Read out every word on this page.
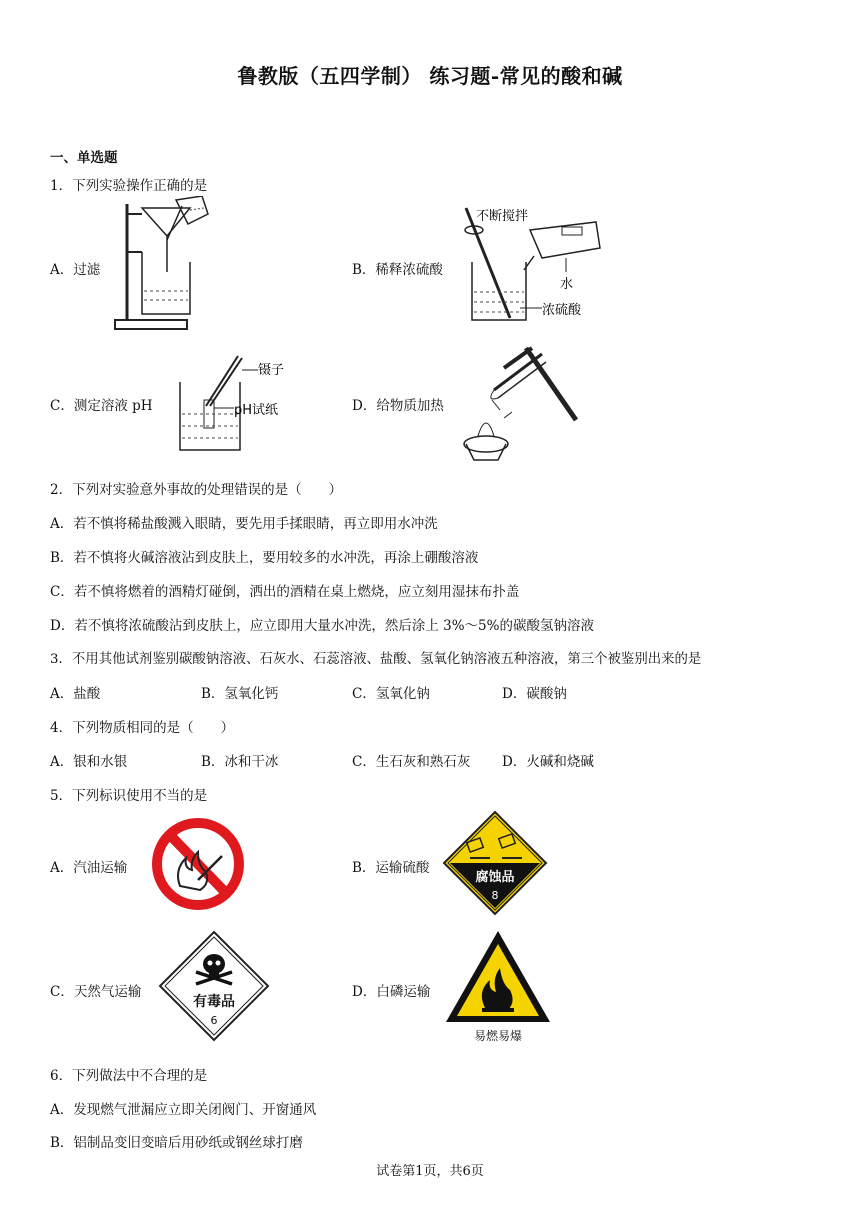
鲁教版（五四学制） 练习题-常见的酸和碱
一、单选题
1．下列实验操作正确的是
A．过滤	B．稀释浓硫酸
不断搅拌
水
浓硫酸
C．测定溶液 pH
镊子
pH试纸	D．给物质加热
2．下列对实验意外事故的处理错误的是（　　）
A．若不慎将稀盐酸溅入眼睛，要先用手揉眼睛，再立即用水冲洗
B．若不慎将火碱溶液沾到皮肤上，要用较多的水冲洗，再涂上硼酸溶液
C．若不慎将燃着的酒精灯碰倒，洒出的酒精在桌上燃烧，应立刻用湿抹布扑盖
D．若不慎将浓硫酸沾到皮肤上，应立即用大量水冲洗，然后涂上 3%～5%的碳酸氢钠溶液
3．不用其他试剂鉴别碳酸钠溶液、石灰水、石蕊溶液、盐酸、氢氧化钠溶液五种溶液，第三个被鉴别出来的是
A．盐酸	B．氢氧化钙	C．氢氧化钠	D．碳酸钠
4．下列物质相同的是（　　）
A．银和水银	B．冰和干冰	C．生石灰和熟石灰 D．火碱和烧碱
5．下列标识使用不当的是
A．汽油运输	B．运输硫酸
腐蚀品
8
C．天然气运输
有毒品
6
D．白磷运输
易燃易爆
6．下列做法中不合理的是
A．发现燃气泄漏应立即关闭阀门、开窗通风
B．铝制品变旧变暗后用砂纸或钢丝球打磨
试卷第1页，共6页
